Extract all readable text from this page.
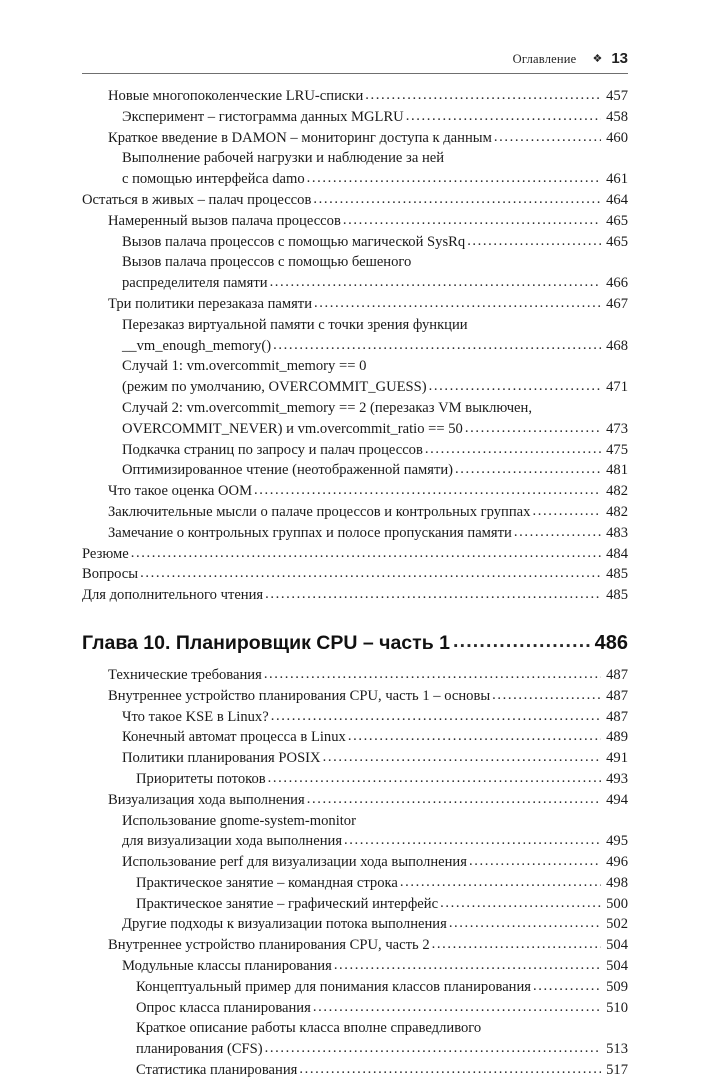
Оглавление ❖ 13
Новые многопоколенческие LRU-списки .....	457
Эксперимент – гистограмма данных MGLRU .....	458
Краткое введение в DAMON – мониторинг доступа к данным .....	460
Выполнение рабочей нагрузки и наблюдение за ней
с помощью интерфейса damo .....	461
Остаться в живых – палач процессов .....	464
Намеренный вызов палача процессов .....	465
Вызов палача процессов с помощью магической SysRq .....	465
Вызов палача процессов с помощью бешеного
распределителя памяти .....	466
Три политики перезаказа памяти .....	467
Перезаказ виртуальной памяти с точки зрения функции
__vm_enough_memory() .....	468
Случай 1: vm.overcommit_memory == 0
(режим по умолчанию, OVERCOMMIT_GUESS) .....	471
Случай 2: vm.overcommit_memory == 2 (перезаказ VM выключен,
OVERCOMMIT_NEVER) и vm.overcommit_ratio == 50 .....	473
Подкачка страниц по запросу и палач процессов .....	475
Оптимизированное чтение (неотображенной памяти) .....	481
Что такое оценка OOM .....	482
Заключительные мысли о палаче процессов и контрольных группах .....	482
Замечание о контрольных группах и полосе пропускания памяти .....	483
Резюме .....	484
Вопросы .....	485
Для дополнительного чтения .....	485
Глава 10. Планировщик CPU – часть 1 .....	486
Технические требования .....	487
Внутреннее устройство планирования CPU, часть 1 – основы .....	487
Что такое KSE в Linux? .....	487
Конечный автомат процесса в Linux .....	489
Политики планирования POSIX .....	491
Приоритеты потоков .....	493
Визуализация хода выполнения .....	494
Использование gnome-system-monitor
для визуализации хода выполнения .....	495
Использование perf для визуализации хода выполнения .....	496
Практическое занятие – командная строка .....	498
Практическое занятие – графический интерфейс .....	500
Другие подходы к визуализации потока выполнения .....	502
Внутреннее устройство планирования CPU, часть 2 .....	504
Модульные классы планирования .....	504
Концептуальный пример для понимания классов планирования .....	509
Опрос класса планирования .....	510
Краткое описание работы класса вполне справедливого
планирования (CFS) .....	513
Статистика планирования .....	517
